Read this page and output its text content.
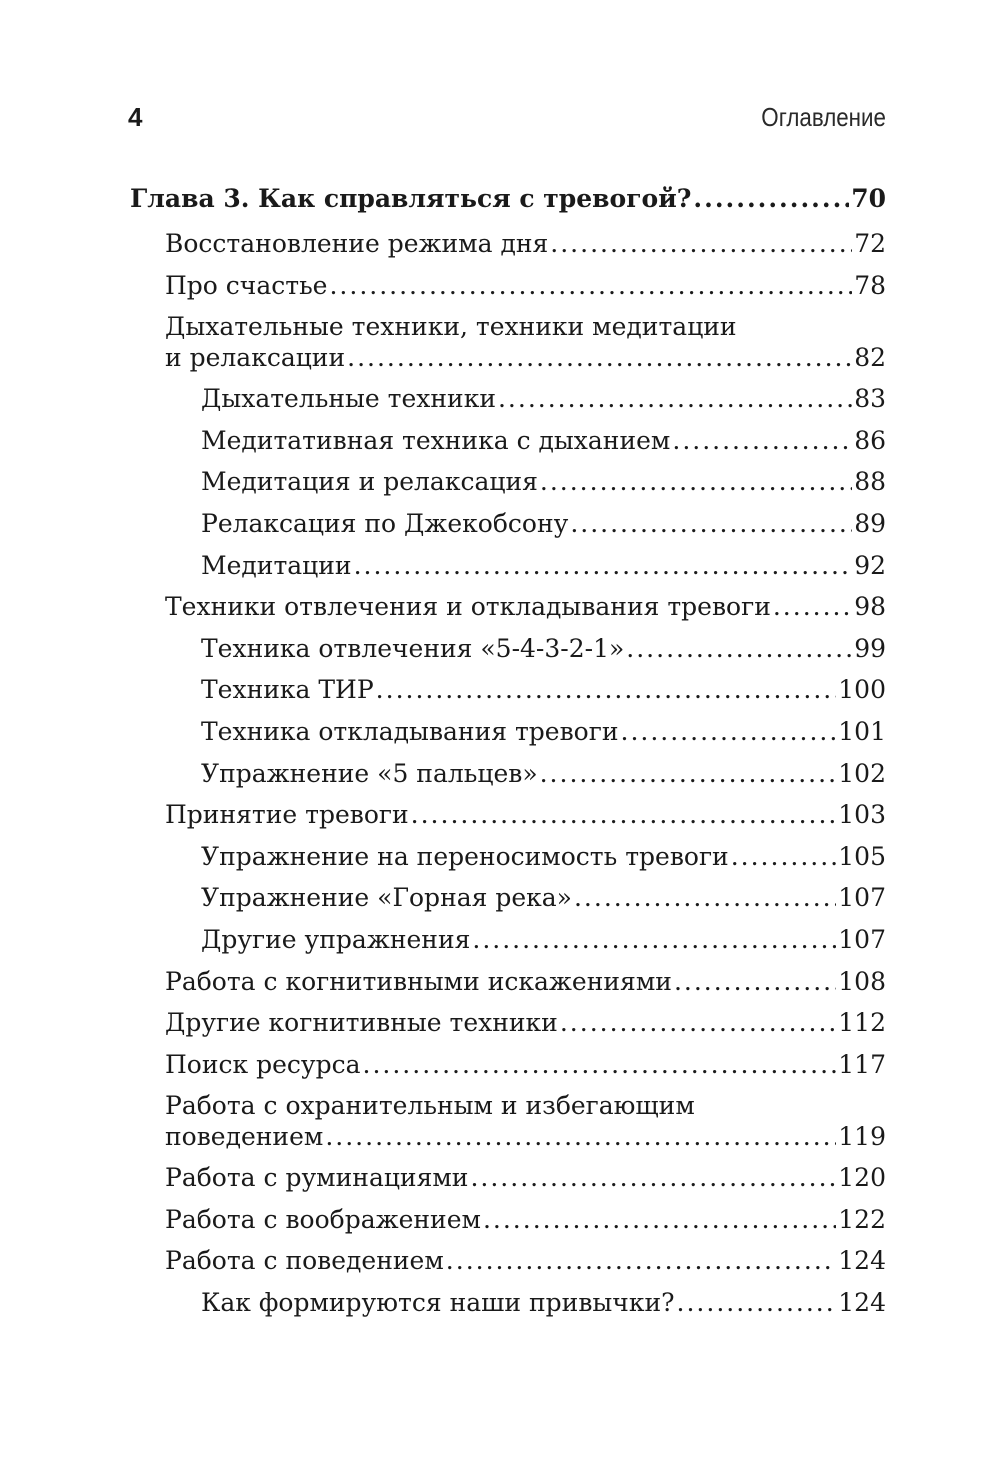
4	Оглавление
Глава 3. Как справляться с тревогой? .....	70
Восстановление режима дня .....	72
Про счастье .....	78
Дыхательные техники, техники медитации
и релаксации .....	82
Дыхательные техники .....	83
Медитативная техника с дыханием .....	86
Медитация и релаксация .....	88
Релаксация по Джекобсону .....	89
Медитации .....	92
Техники отвлечения и откладывания тревоги .....	98
Техника отвлечения «5-4-3-2-1» .....	99
Техника ТИР .....	100
Техника откладывания тревоги .....	101
Упражнение «5 пальцев» .....	102
Принятие тревоги .....	103
Упражнение на переносимость тревоги .....	105
Упражнение «Горная река» .....	107
Другие упражнения .....	107
Работа с когнитивными искажениями .....	108
Другие когнитивные техники .....	112
Поиск ресурса .....	117
Работа с охранительным и избегающим
поведением .....	119
Работа с руминациями .....	120
Работа с воображением .....	122
Работа с поведением .....	124
Как формируются наши привычки? .....	124
